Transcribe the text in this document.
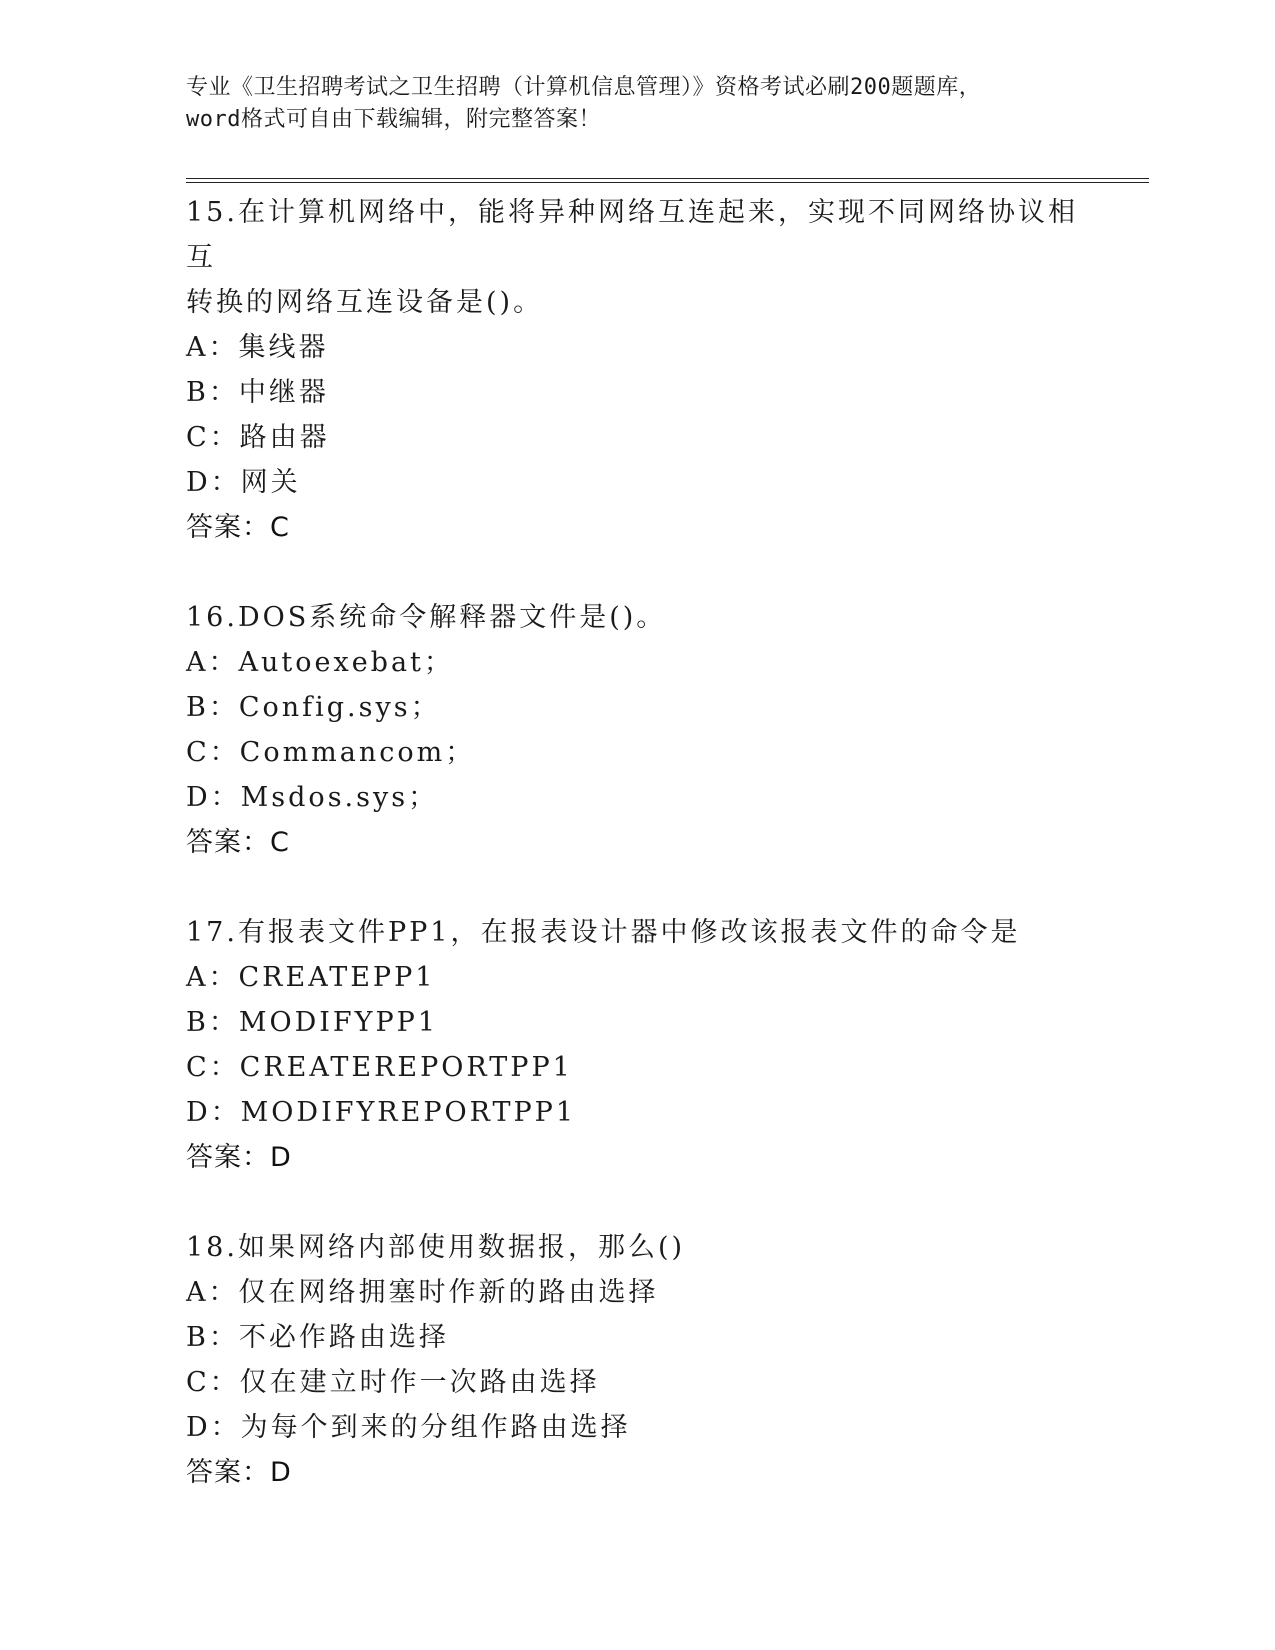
专业《卫生招聘考试之卫生招聘（计算机信息管理）》资格考试必刷200题题库，
word格式可自由下载编辑，附完整答案！

15.在计算机网络中，能将异种网络互连起来，实现不同网络协议相互

转换的网络互连设备是()。

A：集线器

B：中继器

C：路由器

D：网关

答案：C

16.DOS系统命令解释器文件是()。

A：Autoexebat；

B：Config.sys；

C：Commancom；

D：Msdos.sys；

答案：C

17.有报表文件PP1，在报表设计器中修改该报表文件的命令是

A：CREATEPP1

B：MODIFYPP1

C：CREATEREPORTPP1

D：MODIFYREPORTPP1

答案：D

18.如果网络内部使用数据报，那么()

A：仅在网络拥塞时作新的路由选择

B：不必作路由选择

C：仅在建立时作一次路由选择

D：为每个到来的分组作路由选择

答案：D
